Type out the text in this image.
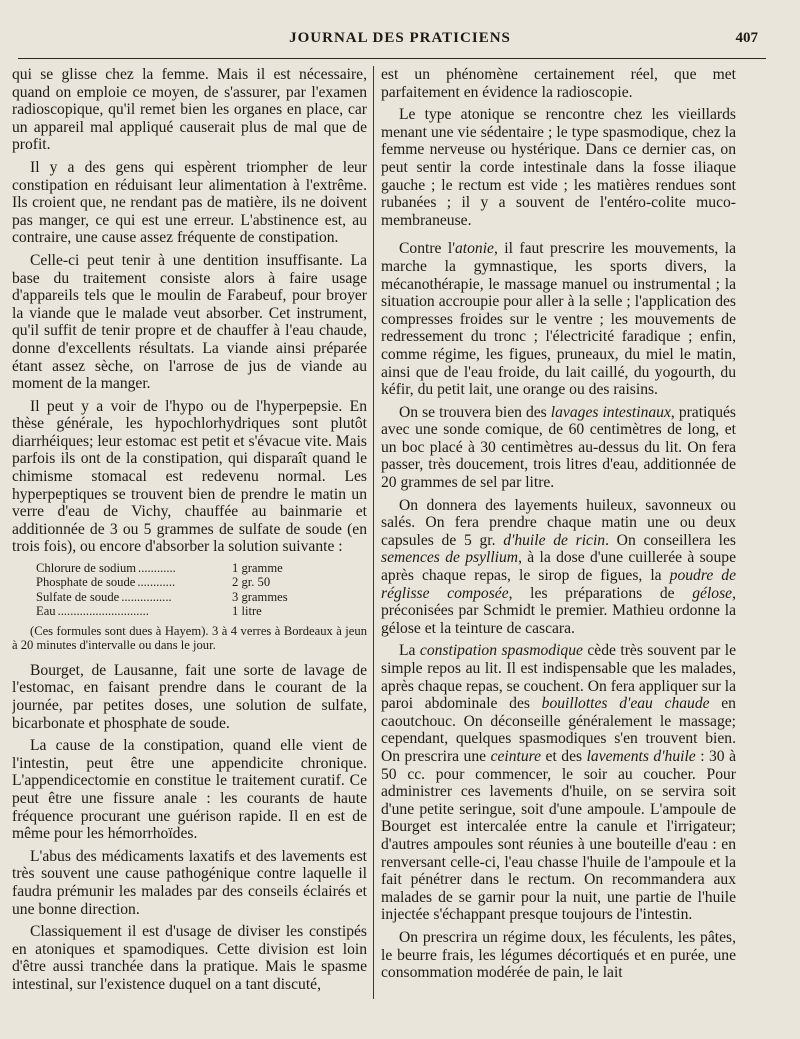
JOURNAL DES PRATICIENS	407

qui se glisse chez la femme. Mais il est nécessaire, quand on emploie ce moyen, de s'assurer, par l'examen radioscopique, qu'il remet bien les organes en place, car un appareil mal appliqué causerait plus de mal que de profit.

Il y a des gens qui espèrent triompher de leur constipation en réduisant leur alimentation à l'extrême. Ils croient que, ne rendant pas de matière, ils ne doivent pas manger, ce qui est une erreur. L'abstinence est, au contraire, une cause assez fréquente de constipation.

Celle-ci peut tenir à une dentition insuffisante. La base du traitement consiste alors à faire usage d'appareils tels que le moulin de Farabeuf, pour broyer la viande que le malade veut absorber. Cet instrument, qu'il suffit de tenir propre et de chauffer à l'eau chaude, donne d'excellents résultats. La viande ainsi préparée étant assez sèche, on l'arrose de jus de viande au moment de la manger.

Il peut y a voir de l'hypo ou de l'hyperpepsie. En thèse générale, les hypochlorhydriques sont plutôt diarrhéiques; leur estomac est petit et s'évacue vite. Mais parfois ils ont de la constipation, qui disparaît quand le chimisme stomacal est redevenu normal. Les hyperpeptiques se trouvent bien de prendre le matin un verre d'eau de Vichy, chauffée au bainmarie et additionnée de 3 ou 5 grammes de sulfate de soude (en trois fois), ou encore d'absorber la solution suivante :

Chlorure de sodium ............	1 gramme
Phosphate de soude ............	2 gr. 50
Sulfate de soude ................	3 grammes
Eau .............................	1 litre

(Ces formules sont dues à Hayem). 3 à 4 verres à Bordeaux à jeun à 20 minutes d'intervalle ou dans le jour.

Bourget, de Lausanne, fait une sorte de lavage de l'estomac, en faisant prendre dans le courant de la journée, par petites doses, une solution de sulfate, bicarbonate et phosphate de soude.

La cause de la constipation, quand elle vient de l'intestin, peut être une appendicite chronique. L'appendicectomie en constitue le traitement curatif. Ce peut être une fissure anale : les courants de haute fréquence procurant une guérison rapide. Il en est de même pour les hémorrhoïdes.

L'abus des médicaments laxatifs et des lavements est très souvent une cause pathogénique contre laquelle il faudra prémunir les malades par des conseils éclairés et une bonne direction.

Classiquement il est d'usage de diviser les constipés en atoniques et spamodiques. Cette division est loin d'être aussi tranchée dans la pratique. Mais le spasme intestinal, sur l'existence duquel on a tant discuté,

est un phénomène certainement réel, que met parfaitement en évidence la radioscopie.

Le type atonique se rencontre chez les vieillards menant une vie sédentaire ; le type spasmodique, chez la femme nerveuse ou hystérique. Dans ce dernier cas, on peut sentir la corde intestinale dans la fosse iliaque gauche ; le rectum est vide ; les matières rendues sont rubanées ; il y a souvent de l'entéro-colite muco-membraneuse.

Contre l'atonie, il faut prescrire les mouvements, la marche la gymnastique, les sports divers, la mécanothérapie, le massage manuel ou instrumental ; la situation accroupie pour aller à la selle ; l'application des compresses froides sur le ventre ; les mouvements de redressement du tronc ; l'électricité faradique ; enfin, comme régime, les figues, pruneaux, du miel le matin, ainsi que de l'eau froide, du lait caillé, du yogourth, du kéfir, du petit lait, une orange ou des raisins.

On se trouvera bien des lavages intestinaux, pratiqués avec une sonde comique, de 60 centimètres de long, et un boc placé à 30 centimètres au-dessus du lit. On fera passer, très doucement, trois litres d'eau, additionnée de 20 grammes de sel par litre.

On donnera des layements huileux, savonneux ou salés. On fera prendre chaque matin une ou deux capsules de 5 gr. d'huile de ricin. On conseillera les semences de psyllium, à la dose d'une cuillerée à soupe après chaque repas, le sirop de figues, la poudre de réglisse composée, les préparations de gélose, préconisées par Schmidt le premier. Mathieu ordonne la gélose et la teinture de cascara.

La constipation spasmodique cède très souvent par le simple repos au lit. Il est indispensable que les malades, après chaque repas, se couchent. On fera appliquer sur la paroi abdominale des bouillottes d'eau chaude en caoutchouc. On déconseille généralement le massage; cependant, quelques spasmodiques s'en trouvent bien. On prescrira une ceinture et des lavements d'huile : 30 à 50 cc. pour commencer, le soir au coucher. Pour administrer ces lavements d'huile, on se servira soit d'une petite seringue, soit d'une ampoule. L'ampoule de Bourget est intercalée entre la canule et l'irrigateur; d'autres ampoules sont réunies à une bouteille d'eau : en renversant celle-ci, l'eau chasse l'huile de l'ampoule et la fait pénétrer dans le rectum. On recommandera aux malades de se garnir pour la nuit, une partie de l'huile injectée s'échappant presque toujours de l'intestin.

On prescrira un régime doux, les féculents, les pâtes, le beurre frais, les légumes décortiqués et en purée, une consommation modérée de pain, le lait
